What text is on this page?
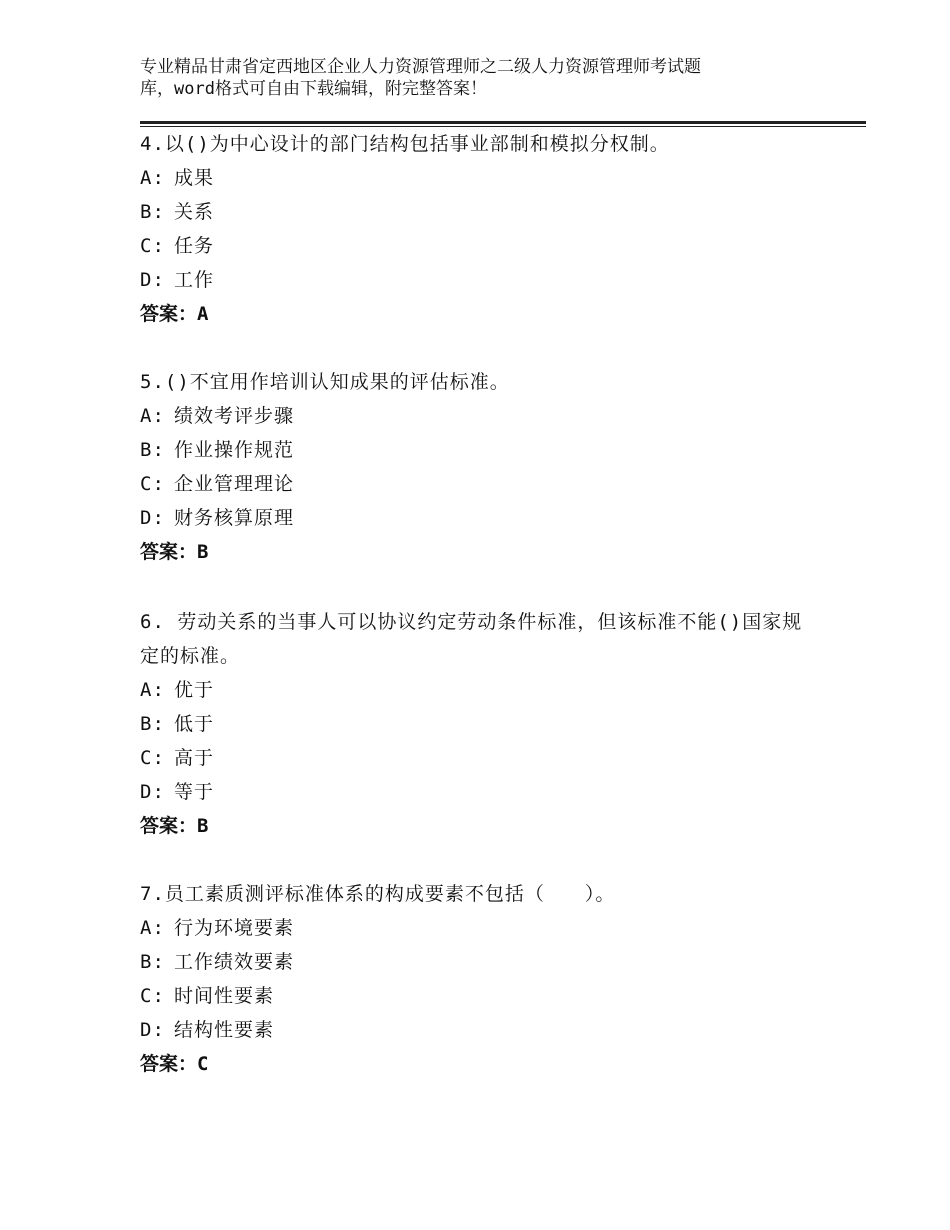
专业精品甘肃省定西地区企业人力资源管理师之二级人力资源管理师考试题
库，word格式可自由下载编辑，附完整答案！
4.以()为中心设计的部门结构包括事业部制和模拟分权制。
A: 成果
B: 关系
C: 任务
D: 工作
答案：A
5.()不宜用作培训认知成果的评估标准。
A: 绩效考评步骤
B: 作业操作规范
C: 企业管理理论
D: 财务核算原理
答案：B
6. 劳动关系的当事人可以协议约定劳动条件标准，但该标准不能()国家规定的标准。
A: 优于
B: 低于
C: 高于
D: 等于
答案：B
7.员工素质测评标准体系的构成要素不包括（　　）。
A: 行为环境要素
B: 工作绩效要素
C: 时间性要素
D: 结构性要素
答案：C
